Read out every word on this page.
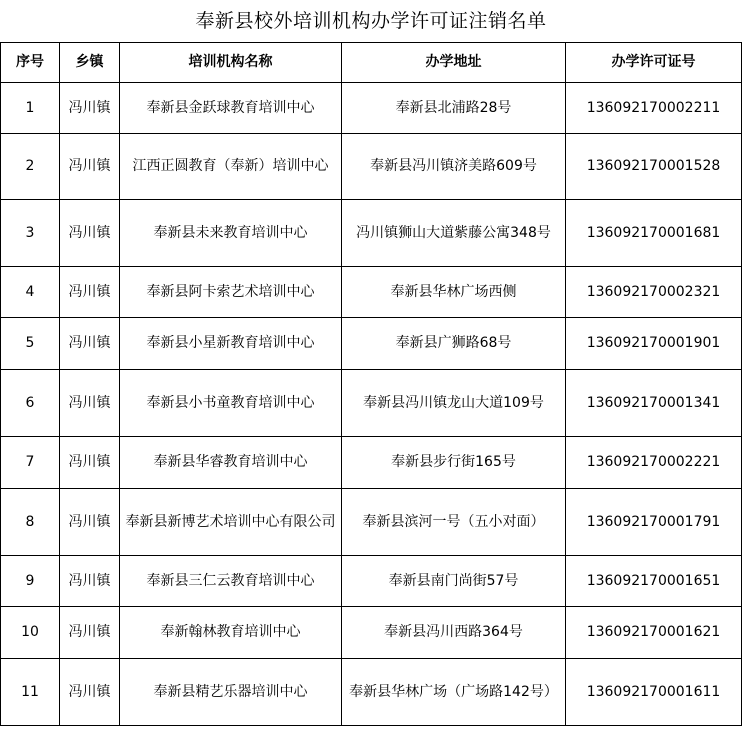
奉新县校外培训机构办学许可证注销名单
序号	乡镇	培训机构名称	办学地址	办学许可证号
1	冯川镇	奉新县金跃球教育培训中心	奉新县北浦路28号	136092170002211
2	冯川镇	江西正圆教育（奉新）培训中心	奉新县冯川镇济美路609号	136092170001528
3	冯川镇	奉新县未来教育培训中心	冯川镇狮山大道紫藤公寓348号	136092170001681
4	冯川镇	奉新县阿卡索艺术培训中心	奉新县华林广场西侧	136092170002321
5	冯川镇	奉新县小星新教育培训中心	奉新县广狮路68号	136092170001901
6	冯川镇	奉新县小书童教育培训中心	奉新县冯川镇龙山大道109号	136092170001341
7	冯川镇	奉新县华睿教育培训中心	奉新县步行街165号	136092170002221
8	冯川镇	奉新县新博艺术培训中心有限公司	奉新县滨河一号（五小对面）	136092170001791
9	冯川镇	奉新县三仁云教育培训中心	奉新县南门尚街57号	136092170001651
10	冯川镇	奉新翰林教育培训中心	奉新县冯川西路364号	136092170001621
11	冯川镇	奉新县精艺乐器培训中心	奉新县华林广场（广场路142号）	136092170001611
